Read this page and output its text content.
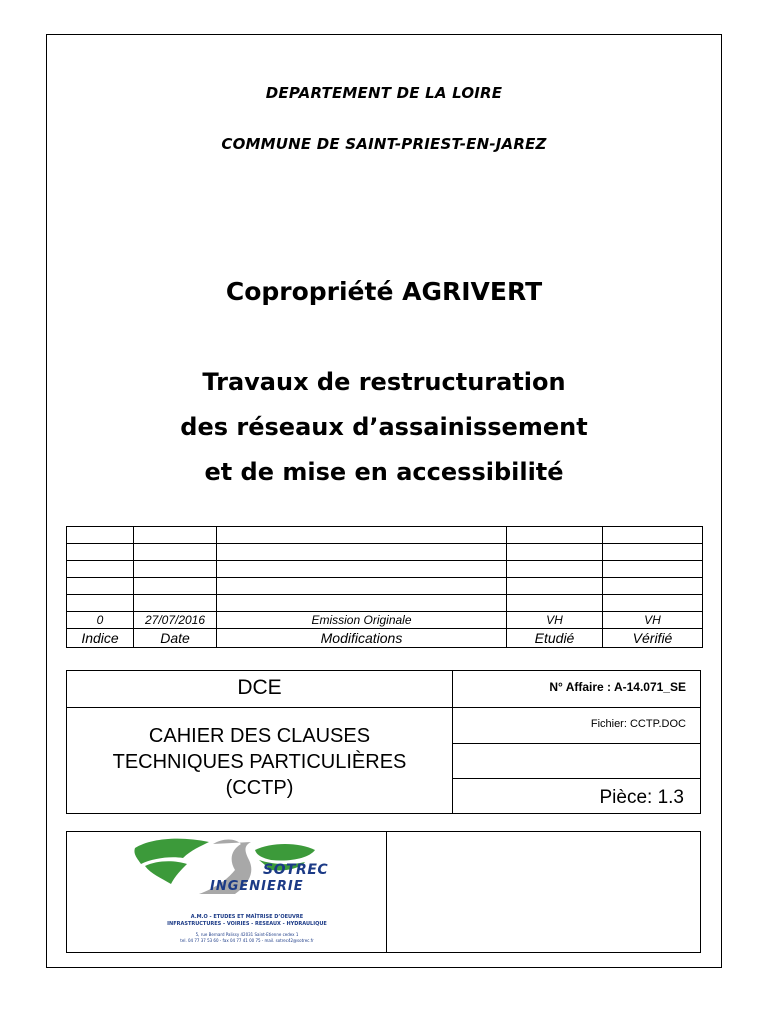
DEPARTEMENT DE LA LOIRE
COMMUNE DE SAINT-PRIEST-EN-JAREZ
Copropriété AGRIVERT
Travaux de restructuration
des réseaux d’assainissement
et de mise en accessibilité

0	27/07/2016	Emission Originale	VH	VH
Indice	Date	Modifications	Etudié	Vérifié
DCE
CAHIER DES CLAUSES
TECHNIQUES PARTICULIÈRES
(CCTP)
N° Affaire : A-14.071_SE
Fichier: CCTP.DOC
Pièce: 1.3
SOTREC
INGENIERIE
A.M.O - ETUDES ET MAÎTRISE D’OEUVRE
INFRASTRUCTURES - VOIRIES - RESEAUX - HYDRAULIQUE
5, rue Bernard Palissy 42031 Saint-Etienne cedex 1
tel. 04 77 37 53 60 - fax 04 77 41 00 75 - mail. sotrec42@sotrec.fr
